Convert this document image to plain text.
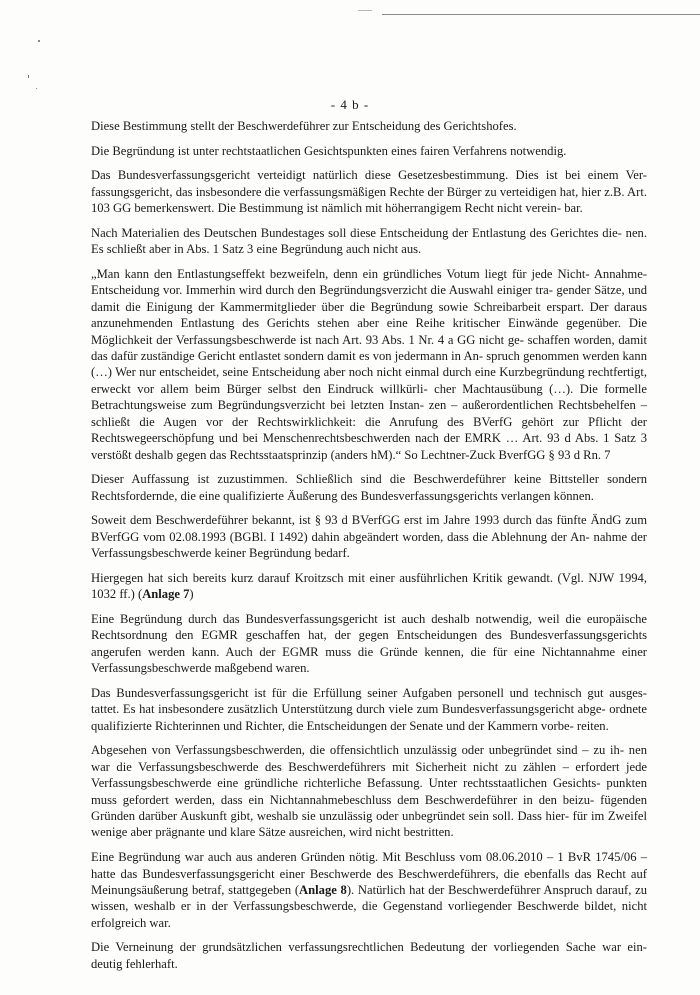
- 4 b -

Diese Bestimmung stellt der Beschwerdeführer zur Entscheidung des Gerichtshofes.

Die Begründung ist unter rechtstaatlichen Gesichtspunkten eines fairen Verfahrens notwendig.

Das Bundesverfassungsgericht verteidigt natürlich diese Gesetzesbestimmung. Dies ist bei einem Ver- fassungsgericht, das insbesondere die verfassungsmäßigen Rechte der Bürger zu verteidigen hat, hier z.B. Art. 103 GG bemerkenswert. Die Bestimmung ist nämlich mit höherrangigem Recht nicht verein- bar.

Nach Materialien des Deutschen Bundestages soll diese Entscheidung der Entlastung des Gerichtes die- nen. Es schließt aber in Abs. 1 Satz 3 eine Begründung auch nicht aus.

„Man kann den Entlastungseffekt bezweifeln, denn ein gründliches Votum liegt für jede Nicht- Annahme-Entscheidung vor. Immerhin wird durch den Begründungsverzicht die Auswahl einiger tra- gender Sätze, und damit die Einigung der Kammermitglieder über die Begründung sowie Schreibarbeit erspart. Der daraus anzunehmenden Entlastung des Gerichts stehen aber eine Reihe kritischer Einwände gegenüber. Die Möglichkeit der Verfassungsbeschwerde ist nach Art. 93 Abs. 1 Nr. 4 a GG nicht ge- schaffen worden, damit das dafür zuständige Gericht entlastet sondern damit es von jedermann in An- spruch genommen werden kann (…) Wer nur entscheidet, seine Entscheidung aber noch nicht einmal durch eine Kurzbegründung rechtfertigt, erweckt vor allem beim Bürger selbst den Eindruck willkürli- cher Machtausübung (…). Die formelle Betrachtungsweise zum Begründungsverzicht bei letzten Instan- zen – außerordentlichen Rechtsbehelfen – schließt die Augen vor der Rechtswirklichkeit: die Anrufung des BVerfG gehört zur Pflicht der Rechtswegeerschöpfung und bei Menschenrechtsbeschwerden nach der EMRK … Art. 93 d Abs. 1 Satz 3 verstößt deshalb gegen das Rechtsstaatsprinzip (anders hM).“ So Lechtner-Zuck BverfGG § 93 d Rn. 7

Dieser Auffassung ist zuzustimmen. Schließlich sind die Beschwerdeführer keine Bittsteller sondern Rechtsfordernde, die eine qualifizierte Äußerung des Bundesverfassungsgerichts verlangen können.

Soweit dem Beschwerdeführer bekannt, ist § 93 d BVerfGG erst im Jahre 1993 durch das fünfte ÄndG zum BVerfGG vom 02.08.1993 (BGBl. I 1492) dahin abgeändert worden, dass die Ablehnung der An- nahme der Verfassungsbeschwerde keiner Begründung bedarf.

Hiergegen hat sich bereits kurz darauf Kroitzsch mit einer ausführlichen Kritik gewandt. (Vgl. NJW 1994, 1032 ff.) (Anlage 7)

Eine Begründung durch das Bundesverfassungsgericht ist auch deshalb notwendig, weil die europäische Rechtsordnung den EGMR geschaffen hat, der gegen Entscheidungen des Bundesverfassungsgerichts angerufen werden kann. Auch der EGMR muss die Gründe kennen, die für eine Nichtannahme einer Verfassungsbeschwerde maßgebend waren.

Das Bundesverfassungsgericht ist für die Erfüllung seiner Aufgaben personell und technisch gut ausges- tattet. Es hat insbesondere zusätzlich Unterstützung durch viele zum Bundesverfassungsgericht abge- ordnete qualifizierte Richterinnen und Richter, die Entscheidungen der Senate und der Kammern vorbe- reiten.

Abgesehen von Verfassungsbeschwerden, die offensichtlich unzulässig oder unbegründet sind – zu ih- nen war die Verfassungsbeschwerde des Beschwerdeführers mit Sicherheit nicht zu zählen – erfordert jede Verfassungsbeschwerde eine gründliche richterliche Befassung. Unter rechtsstaatlichen Gesichts- punkten muss gefordert werden, dass ein Nichtannahmebeschluss dem Beschwerdeführer in den beizu- fügenden Gründen darüber Auskunft gibt, weshalb sie unzulässig oder unbegründet sein soll. Dass hier- für im Zweifel wenige aber prägnante und klare Sätze ausreichen, wird nicht bestritten.

Eine Begründung war auch aus anderen Gründen nötig. Mit Beschluss vom 08.06.2010 – 1 BvR 1745/06 – hatte das Bundesverfassungsgericht einer Beschwerde des Beschwerdeführers, die ebenfalls das Recht auf Meinungsäußerung betraf, stattgegeben (Anlage 8). Natürlich hat der Beschwerdeführer Anspruch darauf, zu wissen, weshalb er in der Verfassungsbeschwerde, die Gegenstand vorliegender Beschwerde bildet, nicht erfolgreich war.

Die Verneinung der grundsätzlichen verfassungsrechtlichen Bedeutung der vorliegenden Sache war ein- deutig fehlerhaft.
